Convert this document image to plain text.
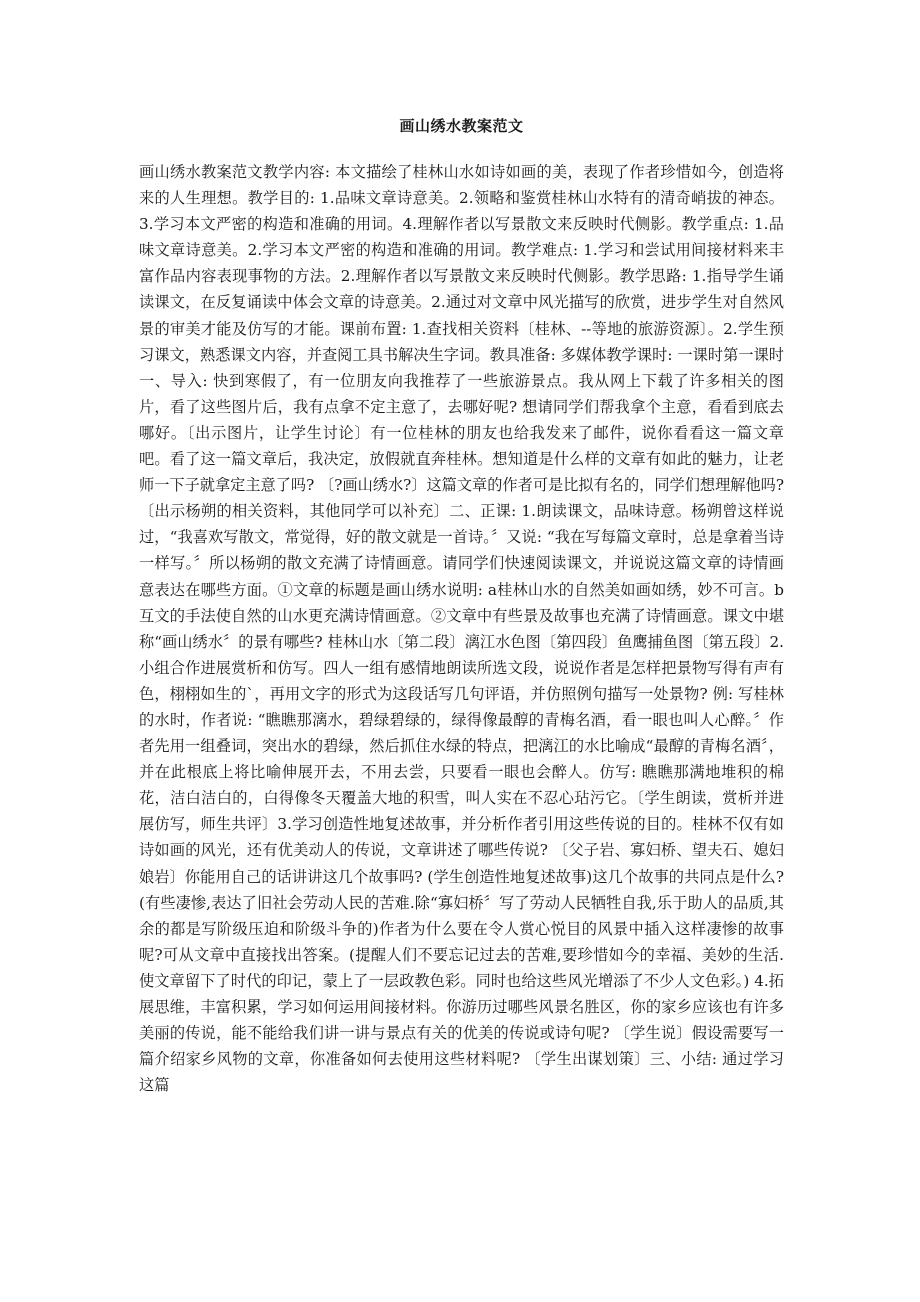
画山绣水教案范文

画山绣水教案范文教学内容: 本文描绘了桂林山水如诗如画的美，表现了作者珍惜如今，创造将来的人生理想。教学目的: 1.品味文章诗意美。2.领略和鉴赏桂林山水特有的清奇峭拔的神态。3.学习本文严密的构造和准确的用词。4.理解作者以写景散文来反映时代侧影。教学重点: 1.品味文章诗意美。2.学习本文严密的构造和准确的用词。教学难点: 1.学习和尝试用间接材料来丰富作品内容表现事物的方法。2.理解作者以写景散文来反映时代侧影。教学思路: 1.指导学生诵读课文，在反复诵读中体会文章的诗意美。2.通过对文章中风光描写的欣赏，进步学生对自然风景的审美才能及仿写的才能。课前布置: 1.查找相关资料〔桂林、--等地的旅游资源〕。2.学生预习课文，熟悉课文内容，并查阅工具书解决生字词。教具准备: 多媒体教学课时: 一课时第一课时一、导入: 快到寒假了，有一位朋友向我推荐了一些旅游景点。我从网上下载了许多相关的图片，看了这些图片后，我有点拿不定主意了，去哪好呢? 想请同学们帮我拿个主意，看看到底去哪好。〔出示图片，让学生讨论〕有一位桂林的朋友也给我发来了邮件，说你看看这一篇文章吧。看了这一篇文章后，我决定，放假就直奔桂林。想知道是什么样的文章有如此的魅力，让老师一下子就拿定主意了吗? 〔?画山绣水?〕这篇文章的作者可是比拟有名的，同学们想理解他吗? 〔出示杨朔的相关资料，其他同学可以补充〕二、正课: 1.朗读课文，品味诗意。杨朔曾这样说过，“我喜欢写散文，常觉得，好的散文就是一首诗。〞又说: “我在写每篇文章时，总是拿着当诗一样写。〞所以杨朔的散文充满了诗情画意。请同学们快速阅读课文，并说说这篇文章的诗情画意表达在哪些方面。①文章的标题是画山绣水说明: a桂林山水的自然美如画如绣，妙不可言。b互文的手法使自然的山水更充满诗情画意。②文章中有些景及故事也充满了诗情画意。课文中堪称“画山绣水〞的景有哪些? 桂林山水〔第二段〕漓江水色图〔第四段〕鱼鹰捕鱼图〔第五段〕2.小组合作进展赏析和仿写。四人一组有感情地朗读所选文段，说说作者是怎样把景物写得有声有色，栩栩如生的`，再用文字的形式为这段话写几句评语，并仿照例句描写一处景物? 例: 写桂林的水时，作者说: “瞧瞧那漓水，碧绿碧绿的，绿得像最醇的青梅名酒，看一眼也叫人心醉。〞作者先用一组叠词，突出水的碧绿，然后抓住水绿的特点，把漓江的水比喻成“最醇的青梅名酒〞，并在此根底上将比喻伸展开去，不用去尝，只要看一眼也会醉人。仿写: 瞧瞧那满地堆积的棉花，洁白洁白的，白得像冬天覆盖大地的积雪，叫人实在不忍心玷污它。〔学生朗读，赏析并进展仿写，师生共评〕3.学习创造性地复述故事，并分析作者引用这些传说的目的。桂林不仅有如诗如画的风光，还有优美动人的传说，文章讲述了哪些传说? 〔父子岩、寡妇桥、望夫石、媳妇娘岩〕你能用自己的话讲讲这几个故事吗? (学生创造性地复述故事)这几个故事的共同点是什么? (有些凄惨,表达了旧社会劳动人民的苦难.除“寡妇桥〞写了劳动人民牺牲自我,乐于助人的品质,其余的都是写阶级压迫和阶级斗争的)作者为什么要在令人赏心悦目的风景中插入这样凄惨的故事呢?可从文章中直接找出答案。(提醒人们不要忘记过去的苦难,要珍惜如今的幸福、美妙的生活.使文章留下了时代的印记，蒙上了一层政教色彩。同时也给这些风光增添了不少人文色彩。) 4.拓展思维，丰富积累，学习如何运用间接材料。你游历过哪些风景名胜区，你的家乡应该也有许多美丽的传说，能不能给我们讲一讲与景点有关的优美的传说或诗句呢? 〔学生说〕假设需要写一篇介绍家乡风物的文章，你准备如何去使用这些材料呢? 〔学生出谋划策〕三、小结: 通过学习这篇
